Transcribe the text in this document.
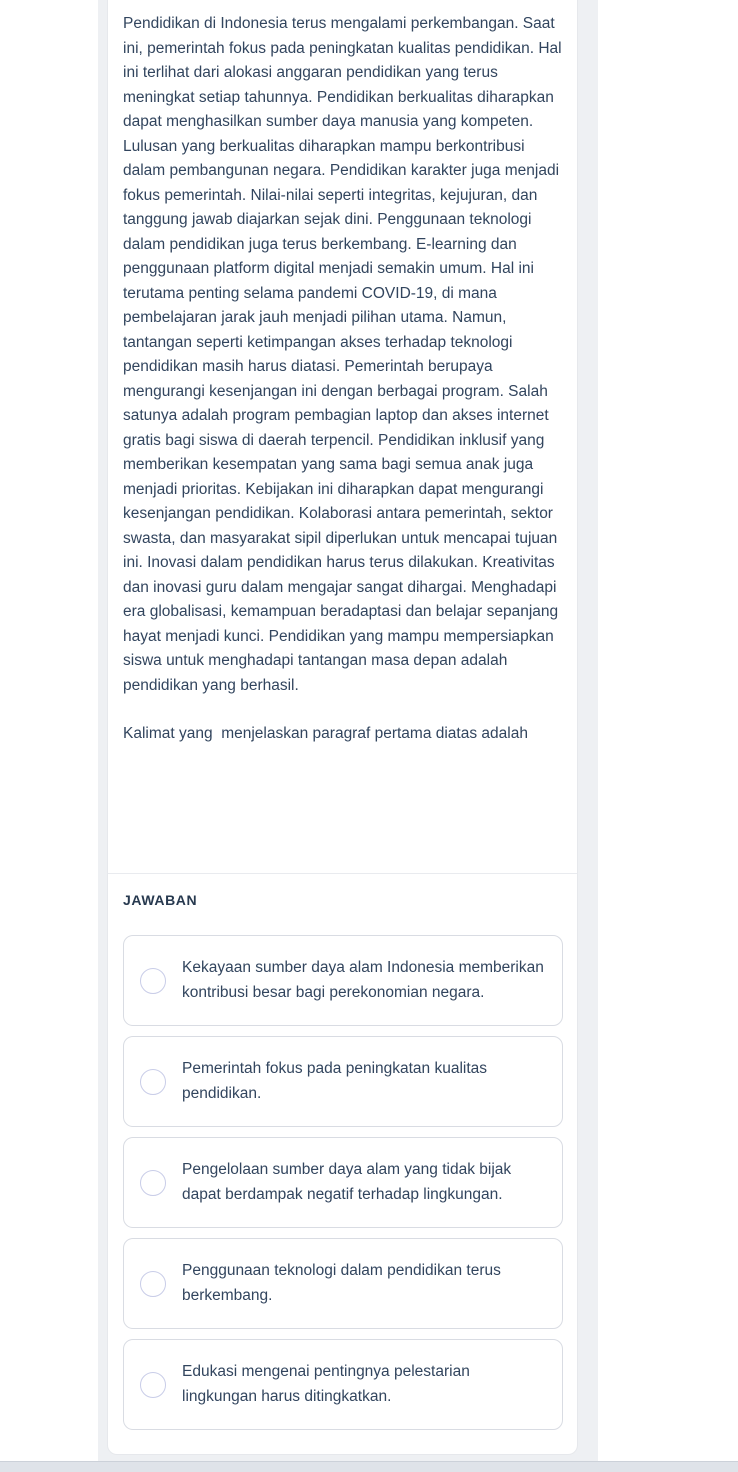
Pendidikan di Indonesia terus mengalami perkembangan. Saat ini, pemerintah fokus pada peningkatan kualitas pendidikan. Hal ini terlihat dari alokasi anggaran pendidikan yang terus meningkat setiap tahunnya. Pendidikan berkualitas diharapkan dapat menghasilkan sumber daya manusia yang kompeten. Lulusan yang berkualitas diharapkan mampu berkontribusi dalam pembangunan negara. Pendidikan karakter juga menjadi fokus pemerintah. Nilai-nilai seperti integritas, kejujuran, dan tanggung jawab diajarkan sejak dini. Penggunaan teknologi dalam pendidikan juga terus berkembang. E-learning dan penggunaan platform digital menjadi semakin umum. Hal ini terutama penting selama pandemi COVID-19, di mana pembelajaran jarak jauh menjadi pilihan utama. Namun, tantangan seperti ketimpangan akses terhadap teknologi pendidikan masih harus diatasi. Pemerintah berupaya mengurangi kesenjangan ini dengan berbagai program. Salah satunya adalah program pembagian laptop dan akses internet gratis bagi siswa di daerah terpencil. Pendidikan inklusif yang memberikan kesempatan yang sama bagi semua anak juga menjadi prioritas. Kebijakan ini diharapkan dapat mengurangi kesenjangan pendidikan. Kolaborasi antara pemerintah, sektor swasta, dan masyarakat sipil diperlukan untuk mencapai tujuan ini. Inovasi dalam pendidikan harus terus dilakukan. Kreativitas dan inovasi guru dalam mengajar sangat dihargai. Menghadapi era globalisasi, kemampuan beradaptasi dan belajar sepanjang hayat menjadi kunci. Pendidikan yang mampu mempersiapkan siswa untuk menghadapi tantangan masa depan adalah pendidikan yang berhasil.

Kalimat yang  menjelaskan paragraf pertama diatas adalah

JAWABAN
Kekayaan sumber daya alam Indonesia memberikan kontribusi besar bagi perekonomian negara.
Pemerintah fokus pada peningkatan kualitas pendidikan.
Pengelolaan sumber daya alam yang tidak bijak dapat berdampak negatif terhadap lingkungan.
Penggunaan teknologi dalam pendidikan terus berkembang.
Edukasi mengenai pentingnya pelestarian lingkungan harus ditingkatkan.
